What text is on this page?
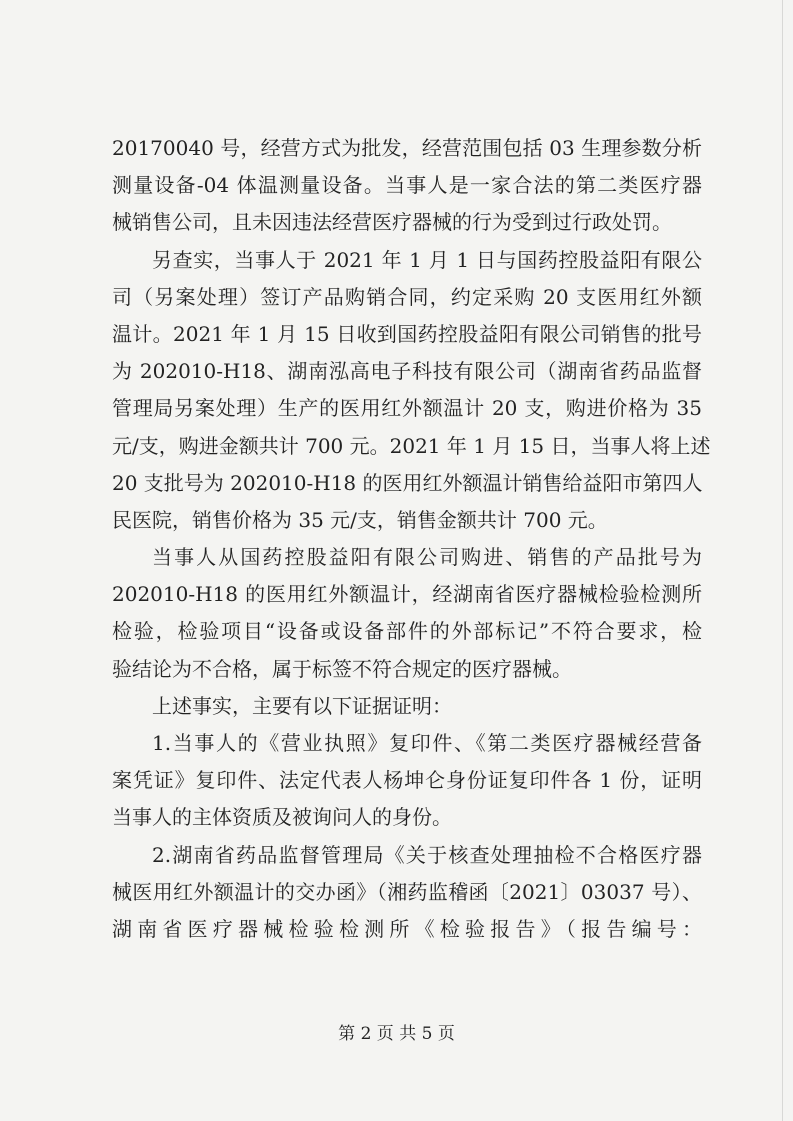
20170040 号，经营方式为批发，经营范围包括 03 生理参数分析
测量设备-04 体温测量设备。当事人是一家合法的第二类医疗器
械销售公司，且未因违法经营医疗器械的行为受到过行政处罚。
另查实，当事人于 2021 年 1 月 1 日与国药控股益阳有限公
司（另案处理）签订产品购销合同，约定采购 20 支医用红外额
温计。2021 年 1 月 15 日收到国药控股益阳有限公司销售的批号
为 202010-H18、湖南泓高电子科技有限公司（湖南省药品监督
管理局另案处理）生产的医用红外额温计 20 支，购进价格为 35
元/支，购进金额共计 700 元。2021 年 1 月 15 日，当事人将上述
20 支批号为 202010-H18 的医用红外额温计销售给益阳市第四人
民医院，销售价格为 35 元/支，销售金额共计 700 元。
当事人从国药控股益阳有限公司购进、销售的产品批号为
202010-H18 的医用红外额温计，经湖南省医疗器械检验检测所
检验，检验项目“设备或设备部件的外部标记”不符合要求，检
验结论为不合格，属于标签不符合规定的医疗器械。
上述事实，主要有以下证据证明：
1.当事人的《营业执照》复印件、《第二类医疗器械经营备
案凭证》复印件、法定代表人杨坤仑身份证复印件各 1 份，证明
当事人的主体资质及被询问人的身份。
2.湖南省药品监督管理局《关于核查处理抽检不合格医疗器
械医用红外额温计的交办函》（湘药监稽函〔2021〕03037 号）、
湖南省医疗器械检验检测所《检验报告》（报告编号：
第 2 页 共 5 页
